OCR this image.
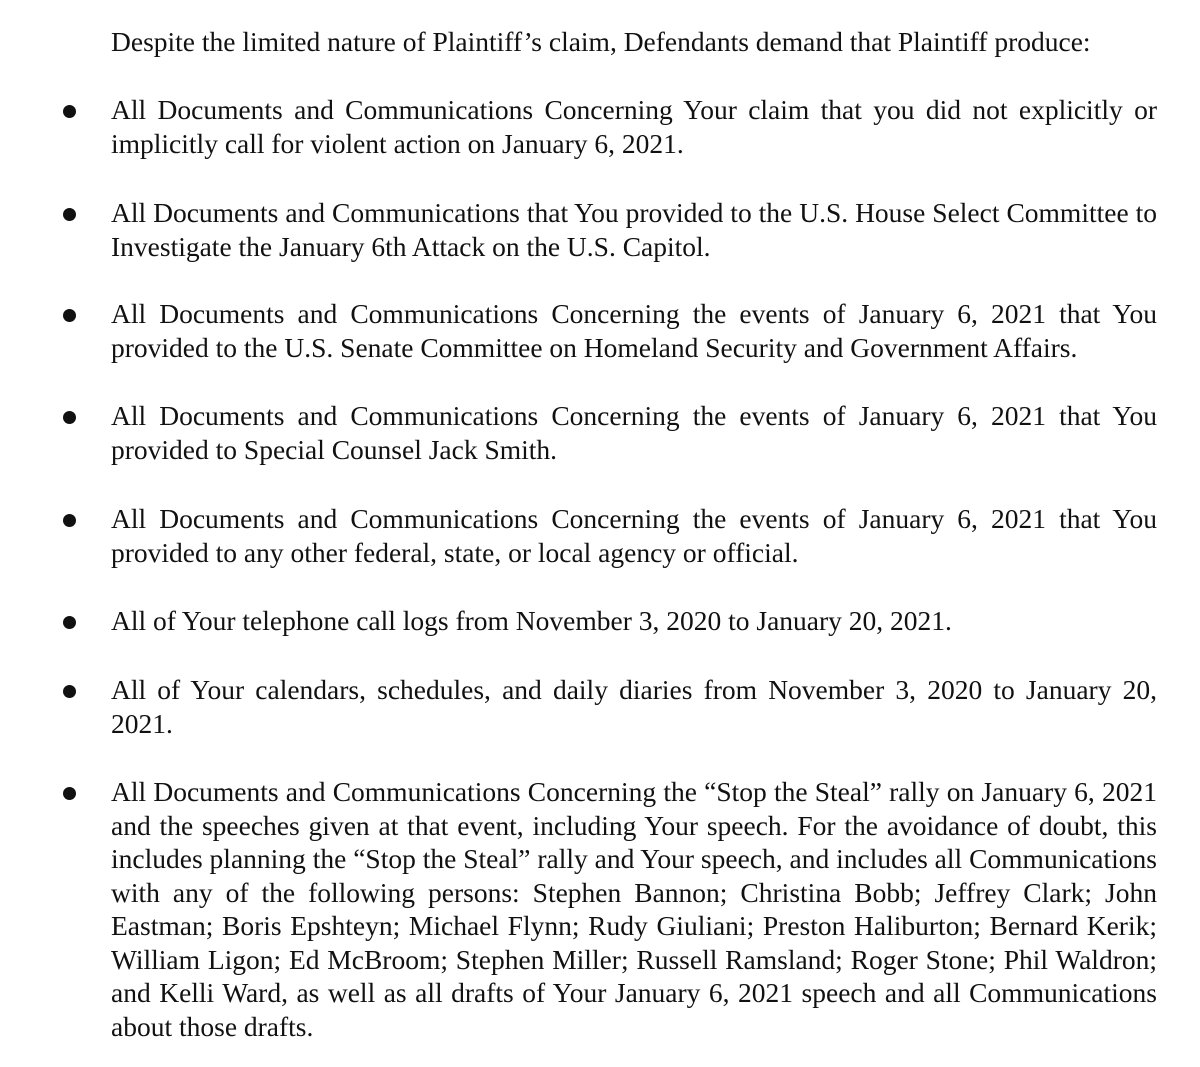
Despite the limited nature of Plaintiff’s claim, Defendants demand that Plaintiff produce:
All Documents and Communications Concerning Your claim that you did not explicitly or implicitly call for violent action on January 6, 2021.
All Documents and Communications that You provided to the U.S. House Select Committee to Investigate the January 6th Attack on the U.S. Capitol.
All Documents and Communications Concerning the events of January 6, 2021 that You provided to the U.S. Senate Committee on Homeland Security and Government Affairs.
All Documents and Communications Concerning the events of January 6, 2021 that You provided to Special Counsel Jack Smith.
All Documents and Communications Concerning the events of January 6, 2021 that You provided to any other federal, state, or local agency or official.
All of Your telephone call logs from November 3, 2020 to January 20, 2021.
All of Your calendars, schedules, and daily diaries from November 3, 2020 to January 20, 2021.
All Documents and Communications Concerning the “Stop the Steal” rally on January 6, 2021 and the speeches given at that event, including Your speech. For the avoidance of doubt, this includes planning the “Stop the Steal” rally and Your speech, and includes all Communications with any of the following persons: Stephen Bannon; Christina Bobb; Jeffrey Clark; John Eastman; Boris Epshteyn; Michael Flynn; Rudy Giuliani; Preston Haliburton; Bernard Kerik; William Ligon; Ed McBroom; Stephen Miller; Russell Ramsland; Roger Stone; Phil Waldron; and Kelli Ward, as well as all drafts of Your January 6, 2021 speech and all Communications about those drafts.
